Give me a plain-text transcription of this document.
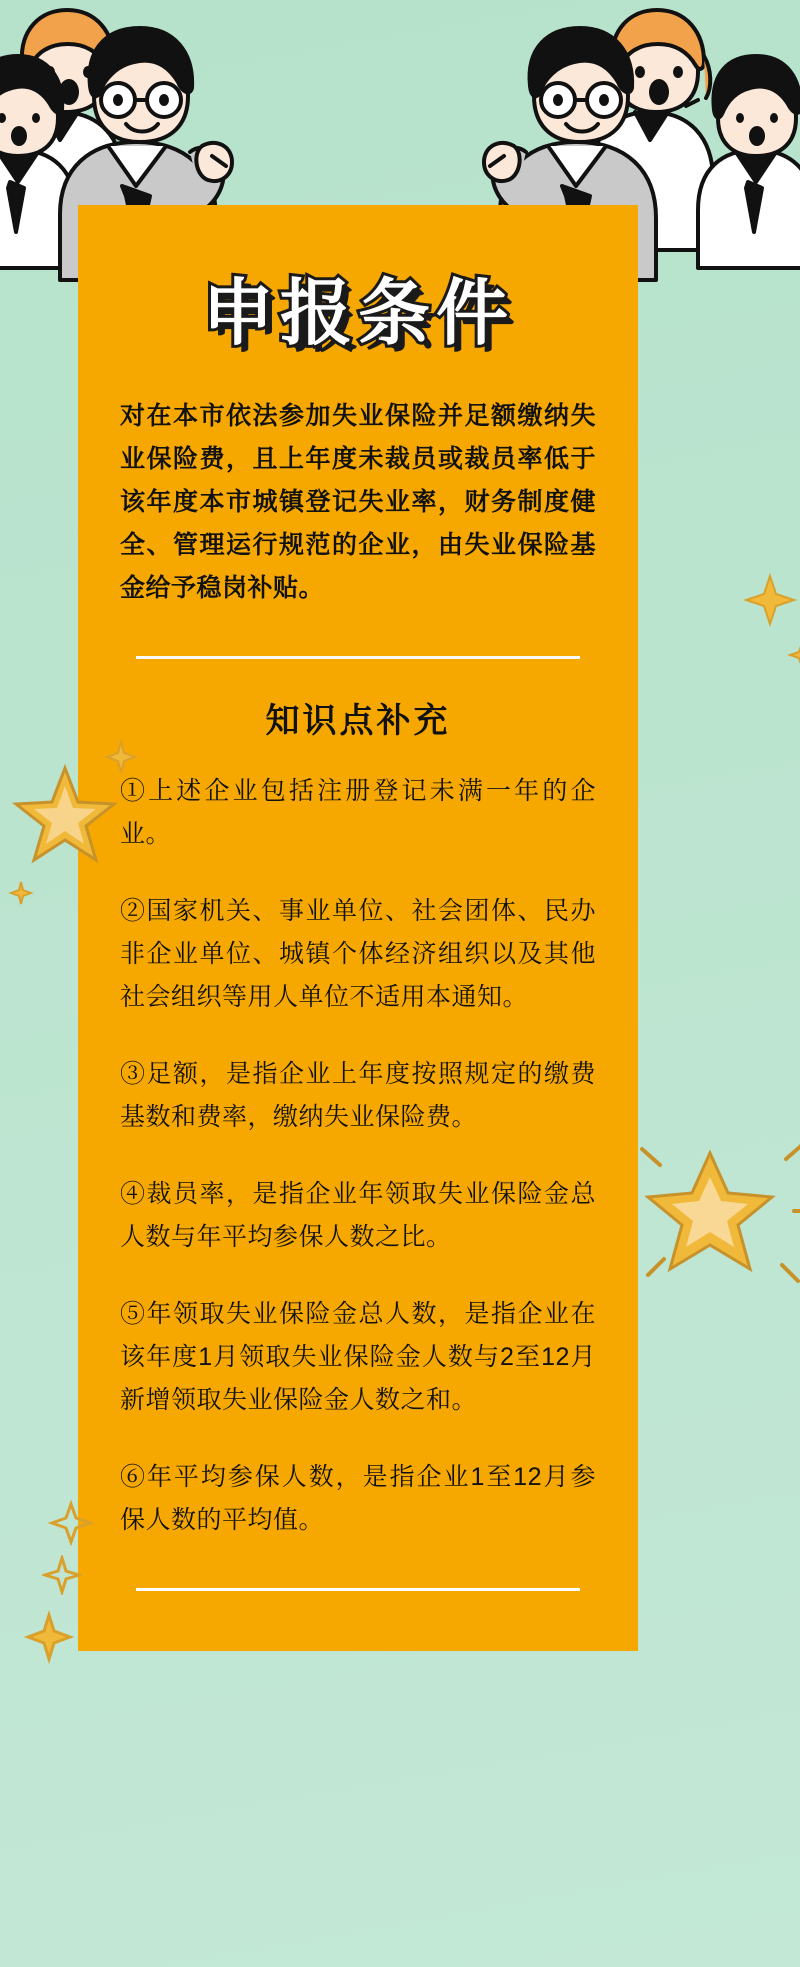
申报条件

对在本市依法参加失业保险并足额缴纳失业保险费，且上年度未裁员或裁员率低于该年度本市城镇登记失业率，财务制度健全、管理运行规范的企业，由失业保险基金给予稳岗补贴。

知识点补充

①上述企业包括注册登记未满一年的企业。

②国家机关、事业单位、社会团体、民办非企业单位、城镇个体经济组织以及其他社会组织等用人单位不适用本通知。

③足额，是指企业上年度按照规定的缴费基数和费率，缴纳失业保险费。

④裁员率，是指企业年领取失业保险金总人数与年平均参保人数之比。

⑤年领取失业保险金总人数，是指企业在该年度1月领取失业保险金人数与2至12月新增领取失业保险金人数之和。

⑥年平均参保人数，是指企业1至12月参保人数的平均值。
